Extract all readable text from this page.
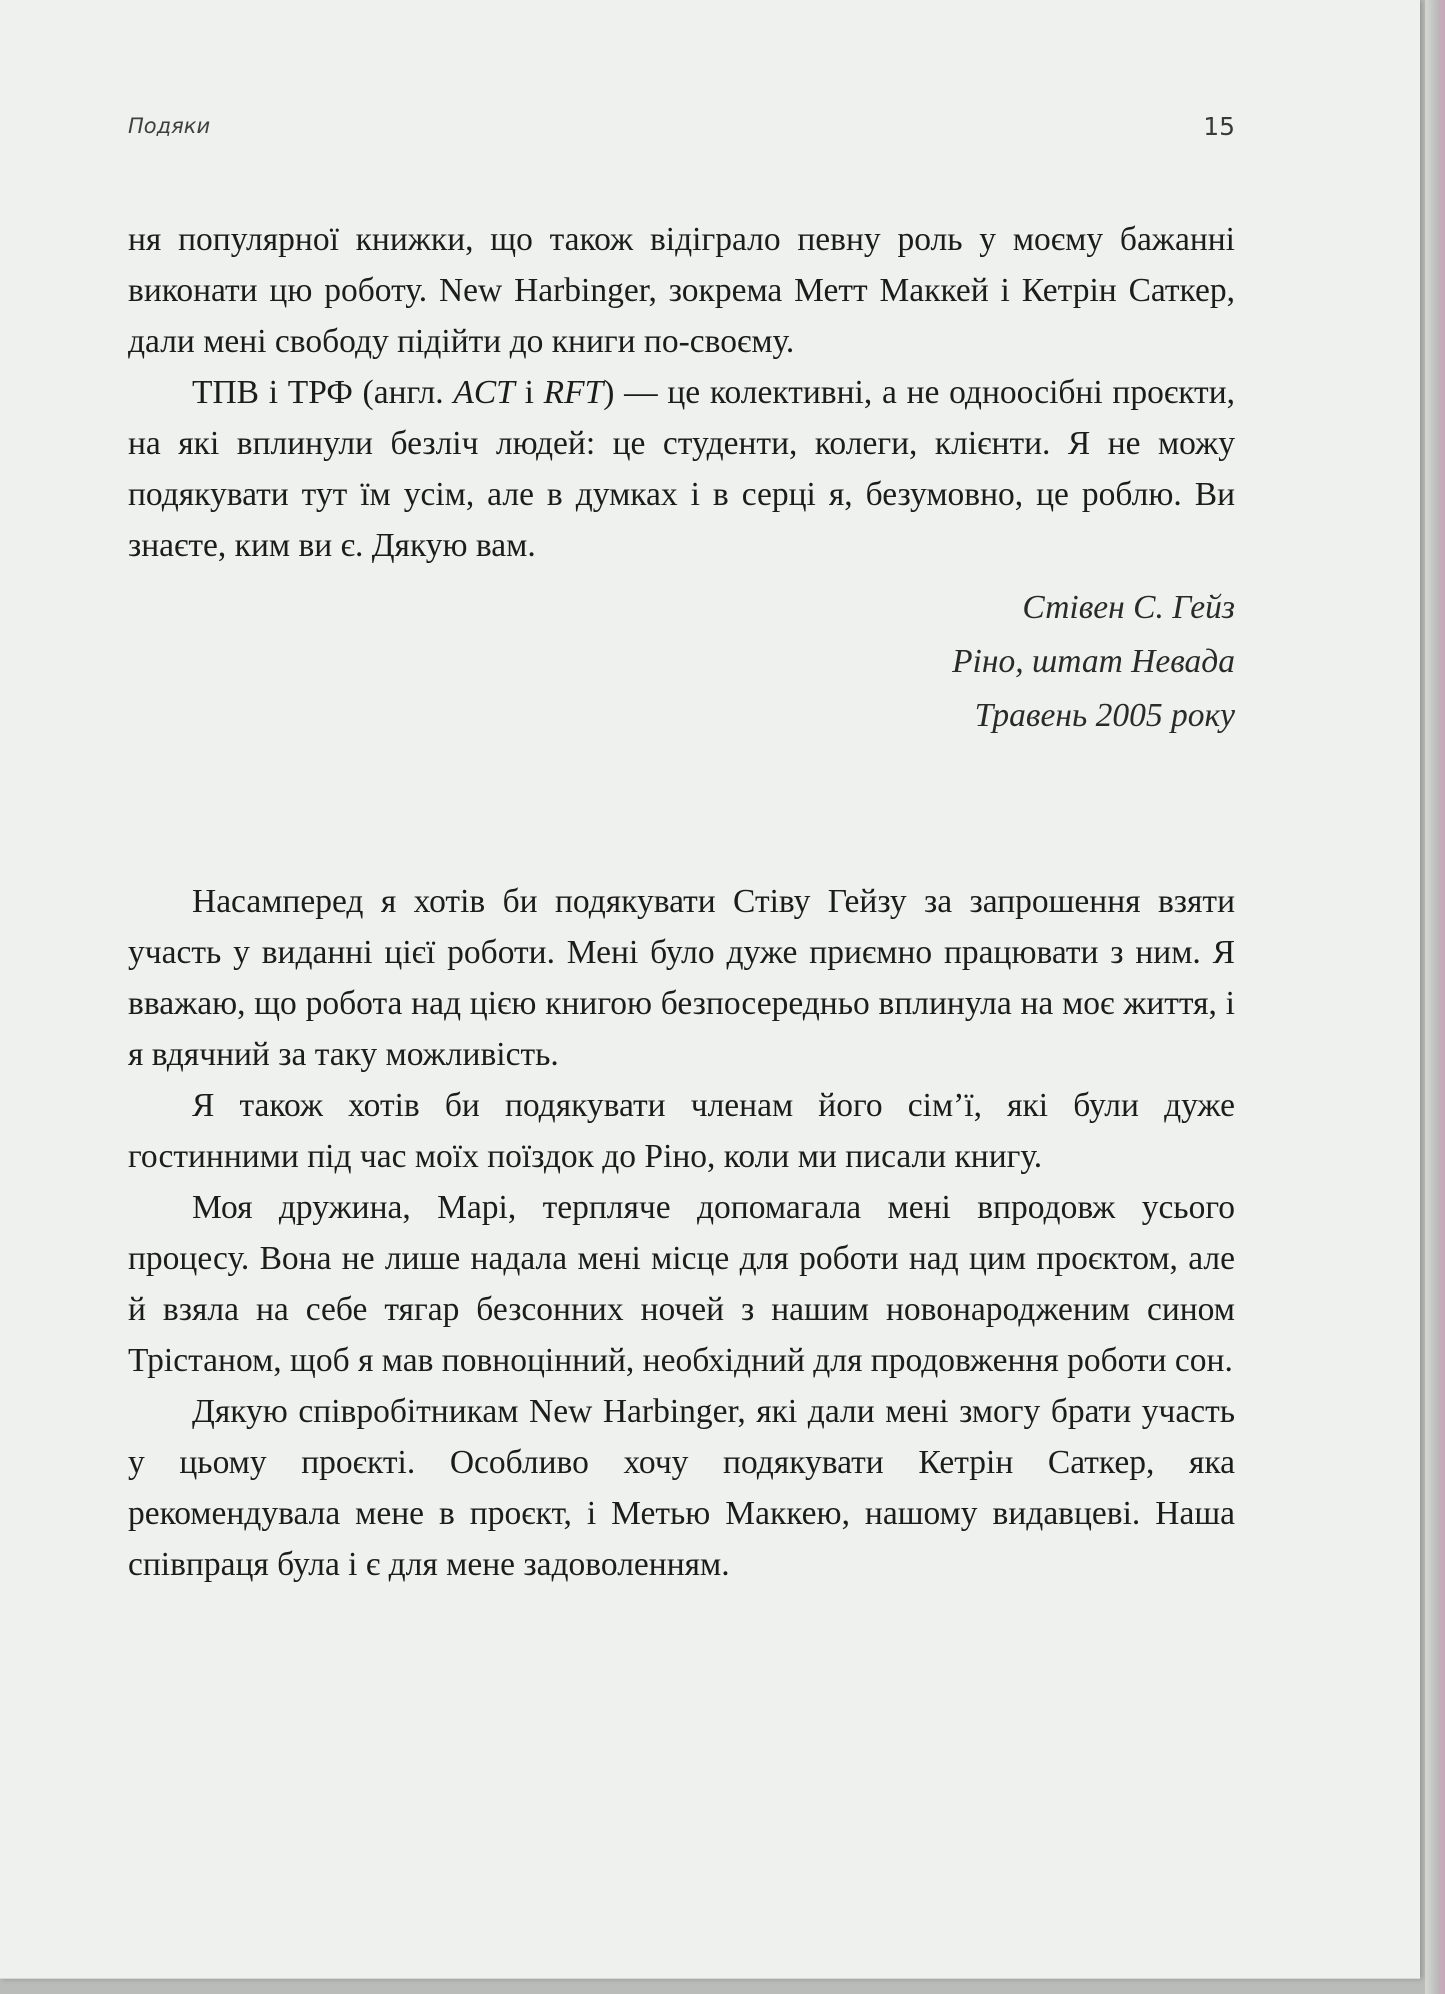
Подяки	15

ня популярної книжки, що також відіграло певну роль у моєму бажанні виконати цю роботу. New Harbinger, зокрема Метт Маккей і Кетрін Саткер, дали мені свободу підійти до книги по-своєму.

ТПВ і ТРФ (англ. ACT і RFT) — це колективні, а не одноосібні проєкти, на які вплинули безліч людей: це студенти, колеги, клієнти. Я не можу подякувати тут їм усім, але в думках і в серці я, безумовно, це роблю. Ви знаєте, ким ви є. Дякую вам.

Стівен С. Гейз
Ріно, штат Невада
Травень 2005 року

Насамперед я хотів би подякувати Стіву Гейзу за запрошення взяти участь у виданні цієї роботи. Мені було дуже приємно працювати з ним. Я вважаю, що робота над цією книгою безпосередньо вплинула на моє життя, і я вдячний за таку можливість.

Я також хотів би подякувати членам його сім’ї, які були дуже гостинними під час моїх поїздок до Ріно, коли ми писали книгу.

Моя дружина, Марі, терпляче допомагала мені впродовж усього процесу. Вона не лише надала мені місце для роботи над цим проєктом, але й взяла на себе тягар безсонних ночей з нашим новонародженим сином Трістаном, щоб я мав повноцінний, необхідний для продовження роботи сон.

Дякую співробітникам New Harbinger, які дали мені змогу брати участь у цьому проєкті. Особливо хочу подякувати Кетрін Саткер, яка рекомендувала мене в проєкт, і Метью Маккею, нашому видавцеві. Наша співпраця була і є для мене задоволенням.
